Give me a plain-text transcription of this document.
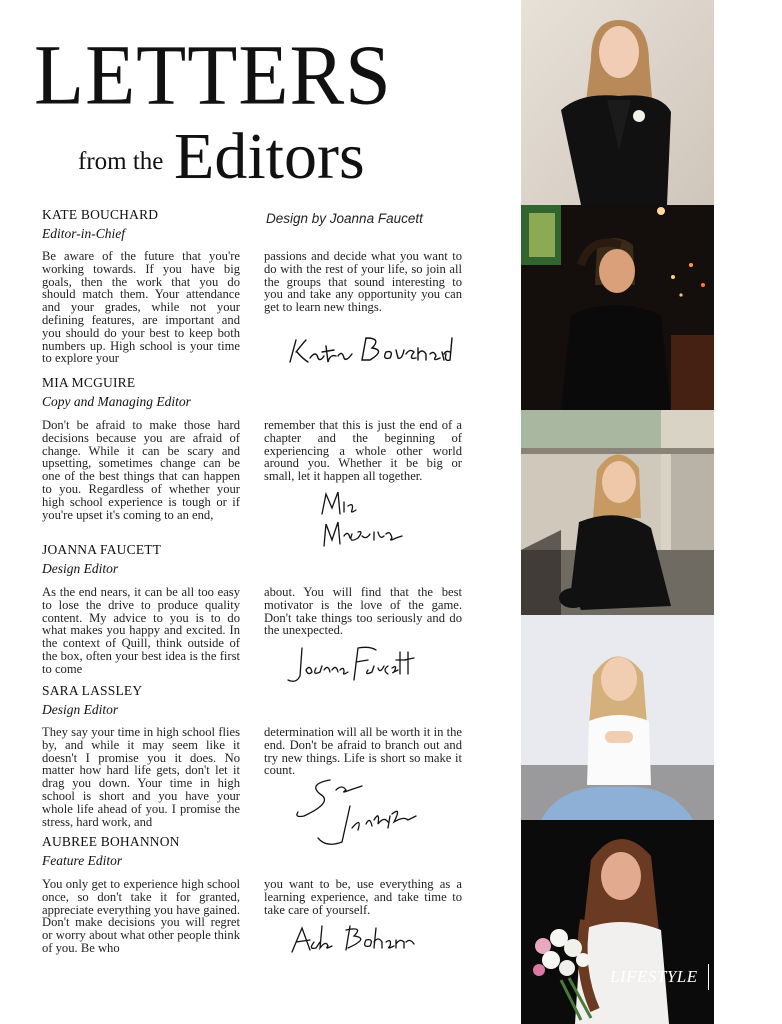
LETTERS
from the Editors
Design by Joanna Faucett
KATE BOUCHARD
Editor-in-Chief
Be aware of the future that you're working towards. If you have big goals, then the work that you do should match them. Your attendance and your grades, while not your defining features, are important and you should do your best to keep both numbers up. High school is your time to explore your
passions and decide what you want to do with the rest of your life, so join all the groups that sound interesting to you and take any opportunity you can get to learn new things.
MIA MCGUIRE
Copy and Managing Editor
Don't be afraid to make those hard decisions because you are afraid of change. While it can be scary and upsetting, sometimes change can be one of the best things that can happen to you. Regardless of whether your high school experience is tough or if you're upset it's coming to an end,
remember that this is just the end of a chapter and the beginning of experiencing a whole other world around you. Whether it be big or small, let it happen all together.
JOANNA FAUCETT
Design Editor
As the end nears, it can be all too easy to lose the drive to produce quality content. My advice to you is to do what makes you happy and excited. In the context of Quill, think outside of the box, often your best idea is the first to come
about. You will find that the best motivator is the love of the game. Don't take things too seriously and do the unexpected.
SARA LASSLEY
Design Editor
They say your time in high school flies by, and while it may seem like it doesn't I promise you it does. No matter how hard life gets, don't let it drag you down. Your time in high school is short and you have your whole life ahead of you. I promise the stress, hard work, and
determination will all be worth it in the end. Don't be afraid to branch out and try new things. Life is short so make it count.
AUBREE BOHANNON
Feature Editor
You only get to experience high school once, so don't take it for granted, appreciate everything you have gained. Don't make decisions you will regret or worry about what other people think of you. Be who
you want to be, use everything as a learning experience, and take time to take care of yourself.
LIFESTYLE 27
